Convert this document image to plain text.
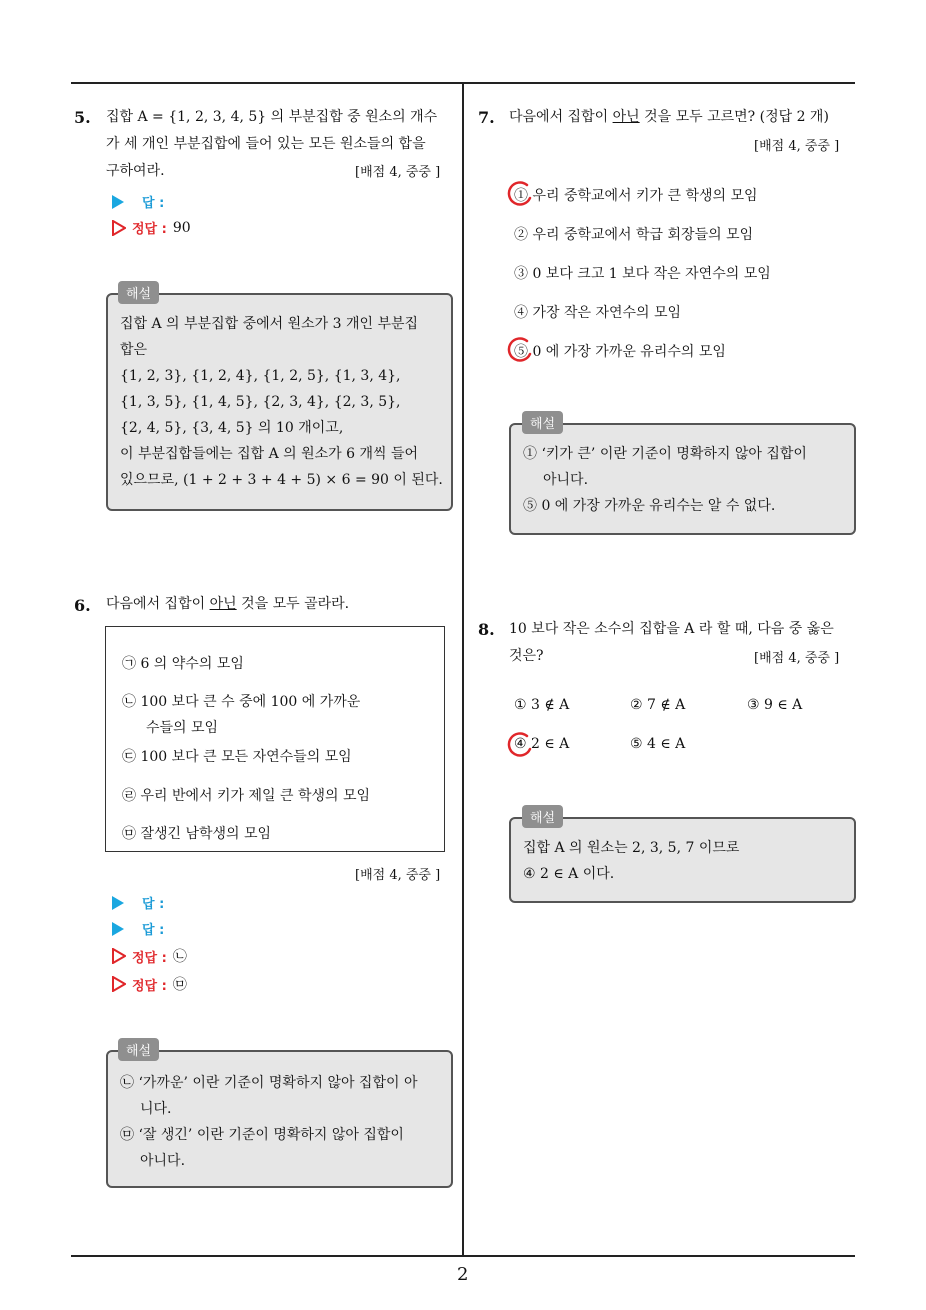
2
5. 집합 A = {1, 2, 3, 4, 5} 의 부분집합 중 원소의 개수
가 세 개인 부분집합에 들어 있는 모든 원소들의 합을
구하여라.	[배점 4, 중중 ]
답 :
정답 : 90
집합 A 의 부분집합 중에서 원소가 3 개인 부분집
합은
{1, 2, 3}, {1, 2, 4}, {1, 2, 5}, {1, 3, 4},
{1, 3, 5}, {1, 4, 5}, {2, 3, 4}, {2, 3, 5},
{2, 4, 5}, {3, 4, 5} 의 10 개이고,
이 부분집합들에는 집합 A 의 원소가 6 개씩 들어
있으므로, (1 + 2 + 3 + 4 + 5) × 6 = 90 이 된다.
해설
6. 다음에서 집합이 아닌 것을 모두 골라라.
㉠ 6 의 약수의 모임
㉡ 100 보다 큰 수 중에 100 에 가까운
수들의 모임
㉢ 100 보다 큰 모든 자연수들의 모임
㉣ 우리 반에서 키가 제일 큰 학생의 모임
㉤ 잘생긴 남학생의 모임
[배점 4, 중중 ]
답 :
답 :
정답 : ㉡
정답 : ㉤
㉡ ‘가까운’ 이란 기준이 명확하지 않아 집합이 아
니다.
㉤ ‘잘 생긴’ 이란 기준이 명확하지 않아 집합이
아니다.
해설
7. 다음에서 집합이 아닌 것을 모두 고르면? (정답 2 개)
[배점 4, 중중 ]
① 우리 중학교에서 키가 큰 학생의 모임
② 우리 중학교에서 학급 회장들의 모임
③ 0 보다 크고 1 보다 작은 자연수의 모임
④ 가장 작은 자연수의 모임
⑤ 0 에 가장 가까운 유리수의 모임
① ‘키가 큰’ 이란 기준이 명확하지 않아 집합이
아니다.
⑤ 0 에 가장 가까운 유리수는 알 수 없다.
해설
8. 10 보다 작은 소수의 집합을 A 라 할 때, 다음 중 옳은
것은?	[배점 4, 중중 ]
① 3 ∉ A	② 7 ∉ A	③ 9 ∈ A
④ 2 ∈ A	⑤ 4 ∈ A
집합 A 의 원소는 2, 3, 5, 7 이므로
④ 2 ∈ A 이다.
해설
